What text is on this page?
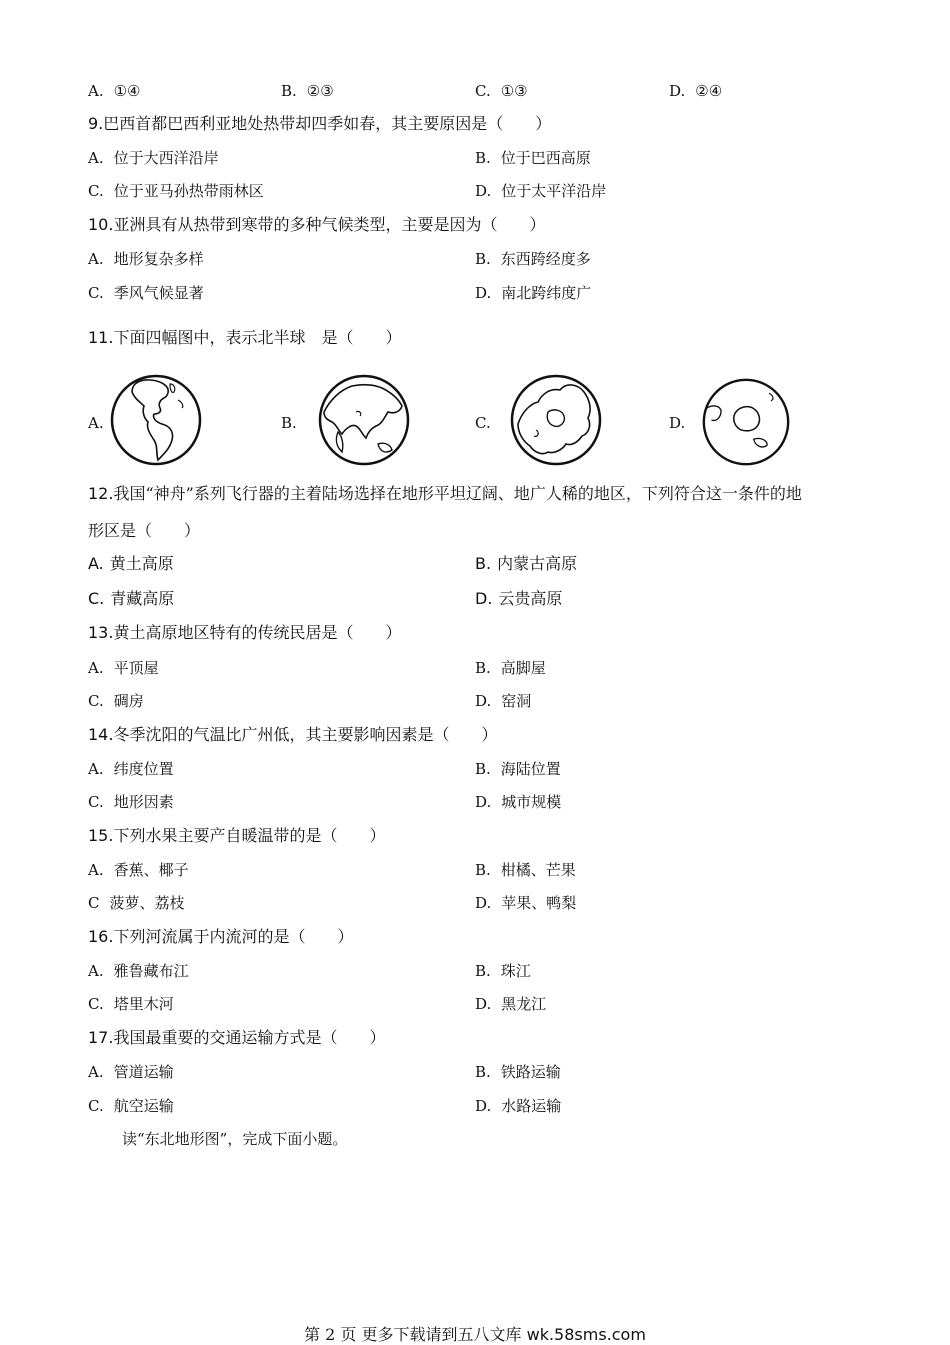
A. ①④	B. ②③	C. ①③	D. ②④
9.巴西首都巴西利亚地处热带却四季如春，其主要原因是（　　）
A. 位于大西洋沿岸	B. 位于巴西高原
C. 位于亚马孙热带雨林区	D. 位于太平洋沿岸
10.亚洲具有从热带到寒带的多种气候类型，主要是因为（　　）
A. 地形复杂多样	B. 东西跨经度多
C. 季风气候显著	D. 南北跨纬度广
11.下面四幅图中，表示北半球　是（　　）
A.	B.	C.	D.
12.我国“神舟”系列飞行器的主着陆场选择在地形平坦辽阔、地广人稀的地区，下列符合这一条件的地
形区是（　　）
A. 黄土高原	B. 内蒙古高原
C. 青藏高原	D. 云贵高原
13.黄土高原地区特有的传统民居是（　　）
A. 平顶屋	B. 高脚屋
C. 碉房	D. 窑洞
14.冬季沈阳的气温比广州低，其主要影响因素是（　　）
A. 纬度位置	B. 海陆位置
C. 地形因素	D. 城市规模
15.下列水果主要产自暖温带的是（　　）
A. 香蕉、椰子	B. 柑橘、芒果
C 菠萝、荔枝	D. 苹果、鸭梨
16.下列河流属于内流河的是（　　）
A. 雅鲁藏布江	B. 珠江
C. 塔里木河	D. 黑龙江
17.我国最重要的交通运输方式是（　　）
A. 管道运输	B. 铁路运输
C. 航空运输	D. 水路运输
读“东北地形图”，完成下面小题。
第 2 页 更多下载请到五八文库 wk.58sms.com
